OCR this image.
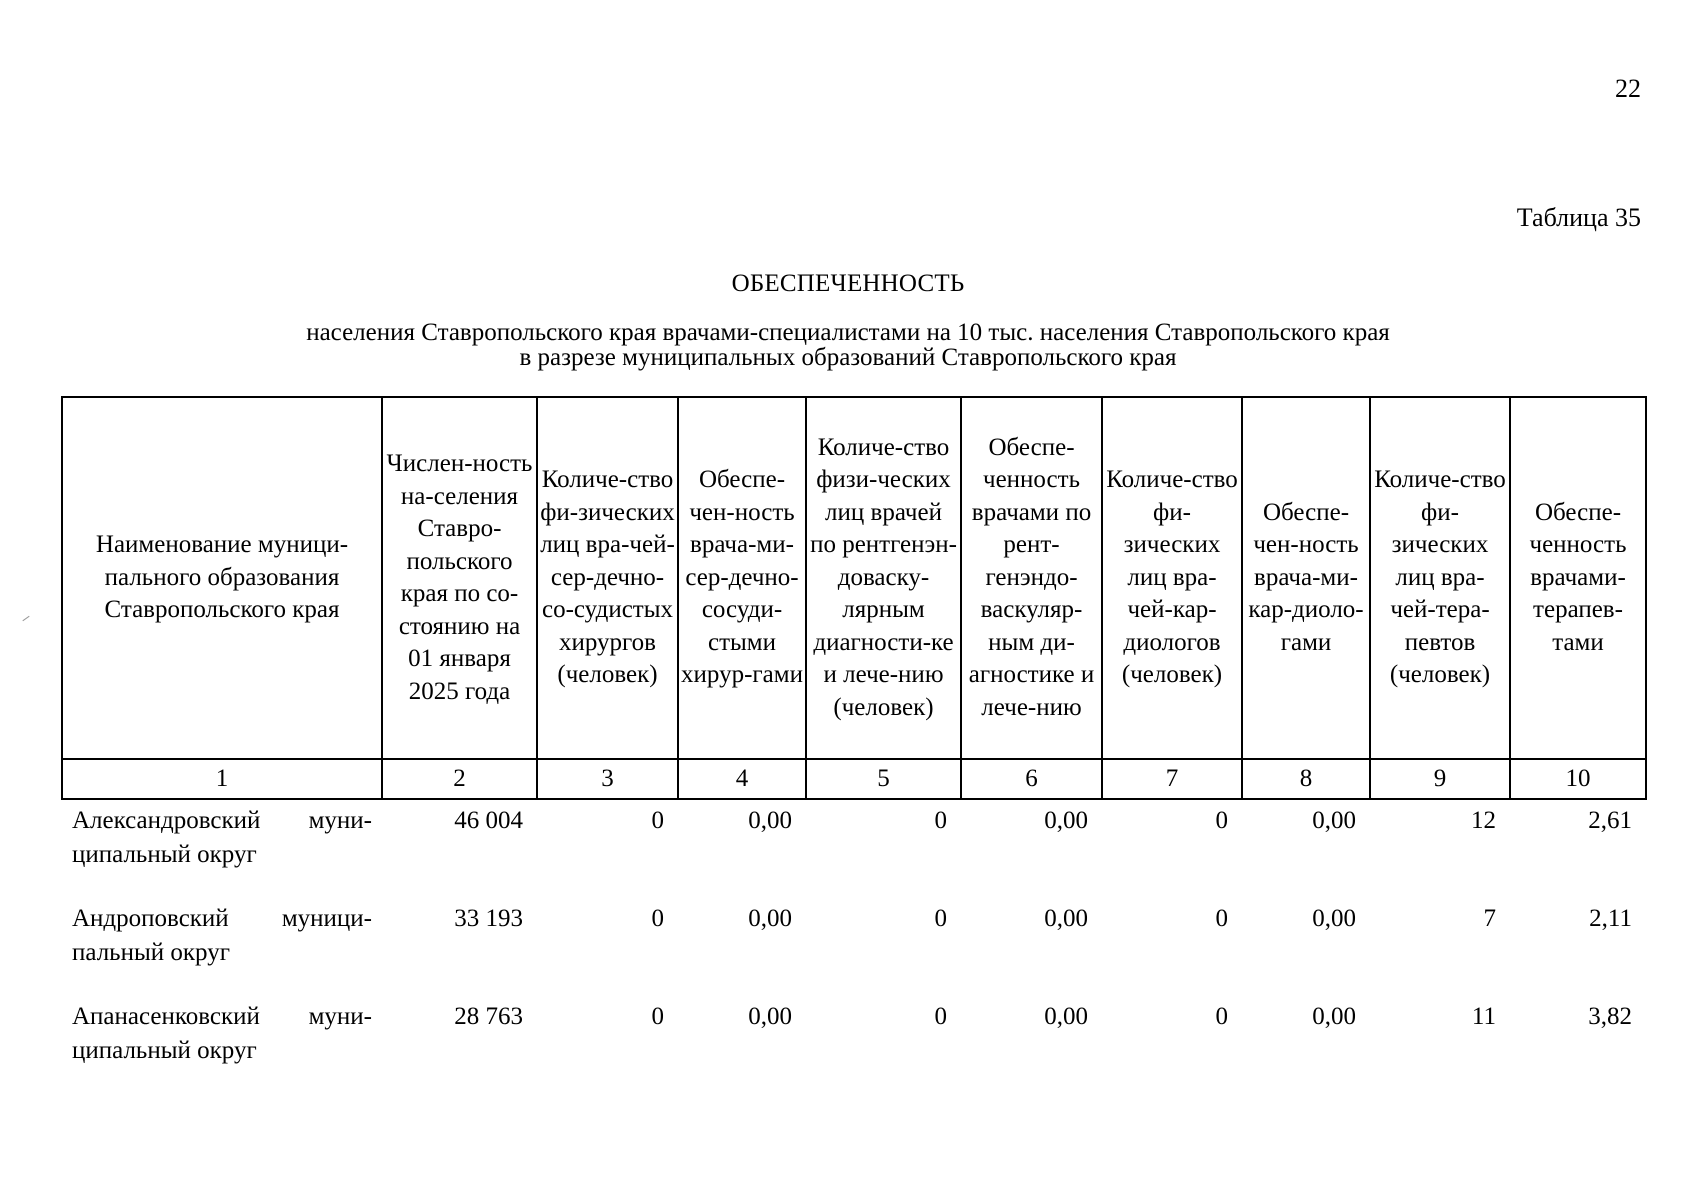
22
Таблица 35
ОБЕСПЕЧЕННОСТЬ
населения Ставропольского края врачами-специалистами на 10 тыс. населения Ставропольского края
в разрезе муниципальных образований Ставропольского края
Наименование муници-пального образования Ставропольского края	Числен-ность на-селения Ставро-польского края по со-стоянию на 01 января 2025 года	Количе-ство фи-зических лиц вра-чей-сер-дечно-со-судистых хирургов (человек)	Обеспе-чен-ность врача-ми-сер-дечно-сосуди-стыми хирур-гами	Количе-ство физи-ческих лиц врачей по рентгенэн-доваску-лярным диагности-ке и лече-нию (человек)	Обеспе-ченность врачами по рент-генэндо-васкуляр-ным ди-агностике и лече-нию	Количе-ство фи-зических лиц вра-чей-кар-диологов (человек)	Обеспе-чен-ность врача-ми-кар-диоло-гами	Количе-ство фи-зических лиц вра-чей-тера-певтов (человек)	Обеспе-ченность врачами-терапев-тами
1	2	3	4	5	6	7	8	9	10
Александровский муни-ципальный округ	46 004	0	0,00	0	0,00	0	0,00	12	2,61
Андроповский муници-пальный округ	33 193	0	0,00	0	0,00	0	0,00	7	2,11
Апанасенковский муни-ципальный округ	28 763	0	0,00	0	0,00	0	0,00	11	3,82
